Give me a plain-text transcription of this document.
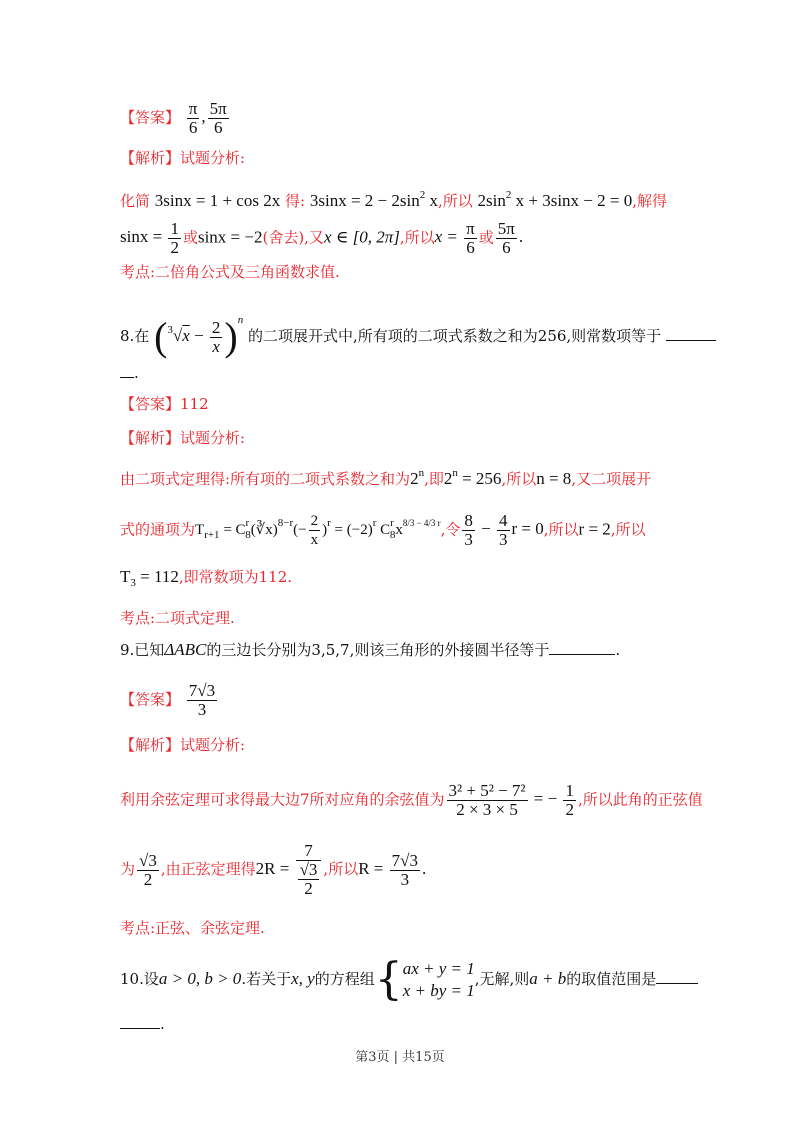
【答案】 $\frac{\pi}{6}$ , $\frac{5\pi}{6}$
【解析】试题分析:
化简 3sinx = 1 + cos 2x 得: $3\sin x = 2 - 2\sin^2$ x,所以 $2\sin^2$ x + 3sinx − 2 = 0,解得
$\sin x = \frac{1}{2}$ 或sinx = −2(舍去),又x ∈ [0, 2π],所以$x = \frac{\pi}{6}$ 或 $\frac{5\pi}{6}$ .
考点:二倍角公式及三角函数求值.
8.在 $(^3√x - \frac{2}{x} )^n$ 的二项展开式中,所有项的二项式系数之和为256,则常数项等于
.
【答案】112
【解析】试题分析:
由二项式定理得:所有项的二项式系数之和为2$^n$,即$2^n = 256$,所以n = 8,又二项展开
式的通项为$T_{r+1}$ = $C^r_8(∛x)^{8-r}(- \frac{2}{x} )^r = (-2)^r$ $C^r_8x^{8/3 - 4/3 r}$,令 $\frac{8}{3} - \frac{4}{3}$ r = 0,所以r = 2,所以
$T_3 = 112$,即常数项为112.
考点:二项式定理.
9.已知ΔABC的三边长分别为3,5,7,则该三角形的外接圆半径等于	.
【答案】 $\frac{7√3}{3}$
【解析】试题分析:
利用余弦定理可求得最大边7所对应角的余弦值为 $\frac{\text{3² + 5² − 7²}}{2 \times 3 \times 5}$ = − $\frac{1}{2}$ ,所以此角的正弦值
为 $\frac{√3}{2}$ ,由正弦定理得$2R = \frac{7}{\frac{√3}{2}}$ ,所以$R = \frac{7√3}{3}$ .
考点:正弦、余弦定理.
10.设a > 0, b > 0.若关于x, y的方程组{ ax + y = 1
x + by = 1
,无解,则a + b的取值范围是
.
第3页 | 共15页
